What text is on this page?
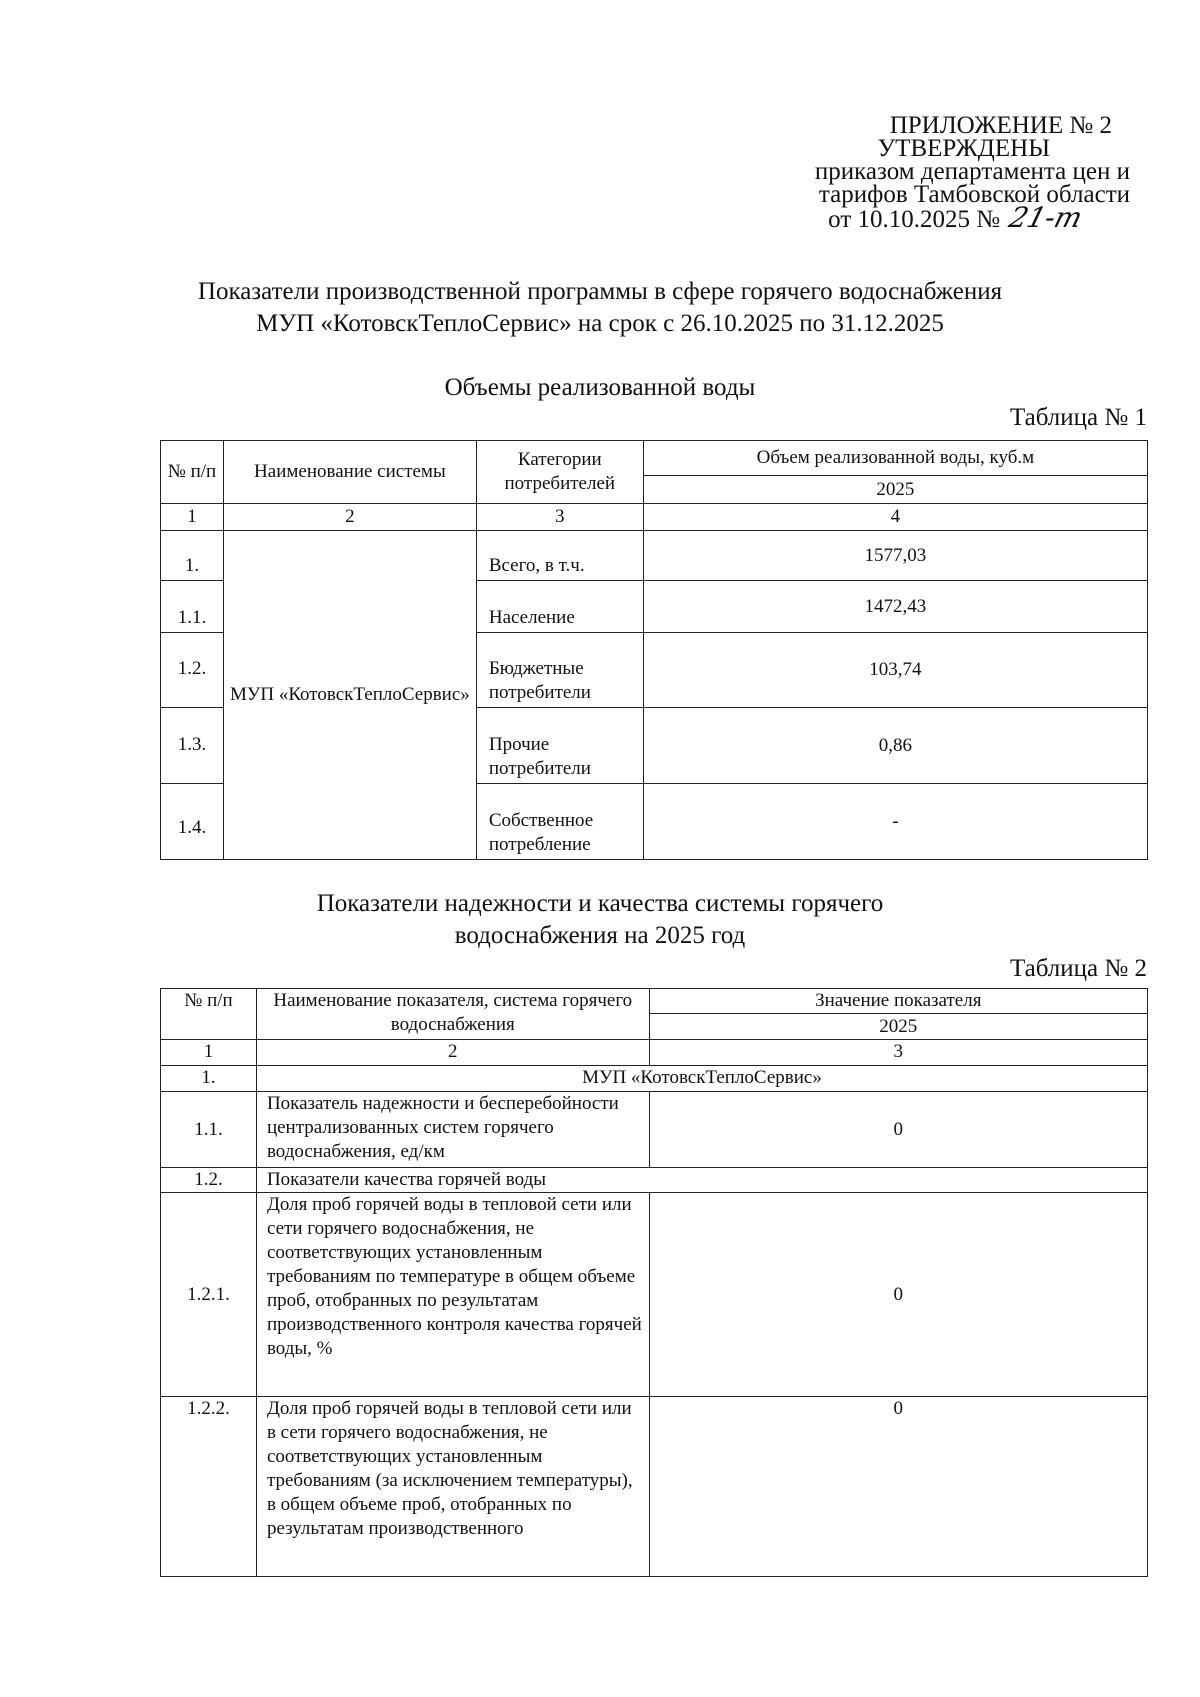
ПРИЛОЖЕНИЕ № 2
УТВЕРЖДЕНЫ
приказом департамента цен и
тарифов Тамбовской области
от 10.10.2025 № 21-т
Показатели производственной программы в сфере горячего водоснабжения
МУП «КотовскТеплоСервис» на срок с 26.10.2025 по 31.12.2025
Объемы реализованной воды
Таблица № 1
№ п/п	Наименование системы	Категории потребителей	Объем реализованной воды, куб.м
			2025
1	2	3	4
1.	МУП «КотовскТеплоСервис»	Всего, в т.ч.	1577,03
1.1.		Население	1472,43
1.2.		Бюджетные потребители	103,74
1.3.		Прочие потребители	0,86
1.4.		Собственное потребление	-
Показатели надежности и качества системы горячего
водоснабжения на 2025 год
Таблица № 2
№ п/п	Наименование показателя, система горячего водоснабжения	Значение показателя
		2025
1	2	3
1.	МУП «КотовскТеплоСервис»	
1.1.	Показатель надежности и бесперебойности централизованных систем горячего водоснабжения, ед/км	0
1.2.	Показатели качества горячей воды	
1.2.1.	Доля проб горячей воды в тепловой сети или сети горячего водоснабжения, не соответствующих установленным требованиям по температуре в общем объеме проб, отобранных по результатам производственного контроля качества горячей воды, %	0
1.2.2.	Доля проб горячей воды в тепловой сети или в сети горячего водоснабжения, не соответствующих установленным требованиям (за исключением температуры), в общем объеме проб, отобранных по результатам производственного	0
